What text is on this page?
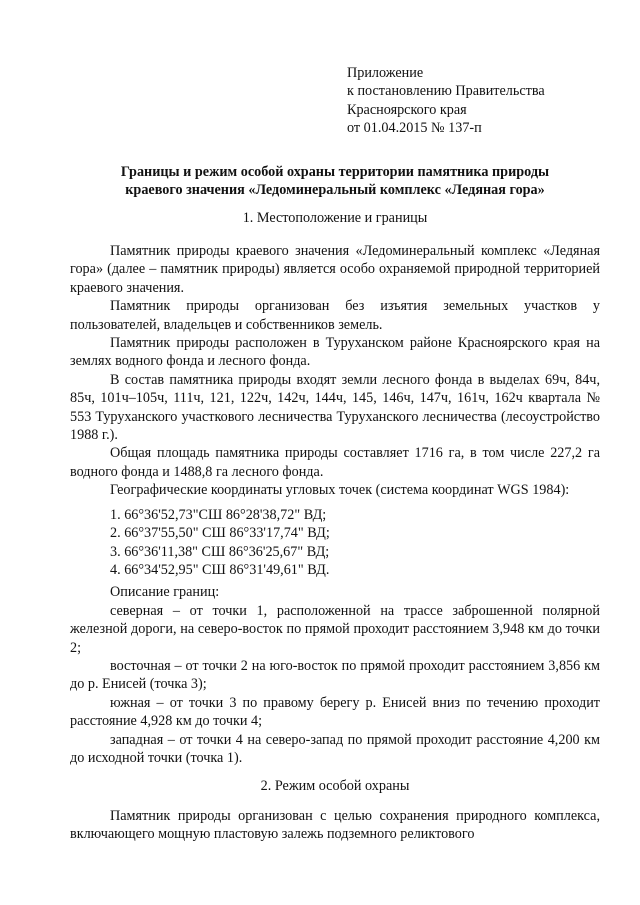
Приложение
к постановлению Правительства
Красноярского края
от 01.04.2015 № 137-п
Границы и режим особой охраны территории памятника природы
краевого значения «Ледоминеральный комплекс «Ледяная гора»
1. Местоположение и границы

Памятник природы краевого значения «Ледоминеральный комплекс «Ледяная гора» (далее – памятник природы) является особо охраняемой природной территорией краевого значения.

Памятник природы организован без изъятия земельных участков у пользователей, владельцев и собственников земель.

Памятник природы расположен в Туруханском районе Красноярского края на землях водного фонда и лесного фонда.

В состав памятника природы входят земли лесного фонда в выделах 69ч, 84ч, 85ч, 101ч–105ч, 111ч, 121, 122ч, 142ч, 144ч, 145, 146ч, 147ч, 161ч, 162ч квартала № 553 Туруханского участкового лесничества Туруханского лесничества (лесоустройство 1988 г.).

Общая площадь памятника природы составляет 1716 га, в том числе 227,2 га водного фонда и 1488,8 га лесного фонда.

Географические координаты угловых точек (система координат WGS 1984):

1. 66°36'52,73"СШ 86°28'38,72" ВД;
2. 66°37'55,50" СШ 86°33'17,74" ВД;
3. 66°36'11,38" СШ 86°36'25,67" ВД;
4. 66°34'52,95" СШ 86°31'49,61" ВД.

Описание границ:

северная – от точки 1, расположенной на трассе заброшенной полярной железной дороги, на северо-восток по прямой проходит расстоянием 3,948 км до точки 2;

восточная – от точки 2 на юго-восток по прямой проходит расстоянием 3,856 км до р. Енисей (точка 3);

южная – от точки 3 по правому берегу р. Енисей вниз по течению проходит расстояние 4,928 км до точки 4;

западная – от точки 4 на северо-запад по прямой проходит расстояние 4,200 км до исходной точки (точка 1).

2. Режим особой охраны

Памятник природы организован с целью сохранения природного комплекса, включающего мощную пластовую залежь подземного реликтового
